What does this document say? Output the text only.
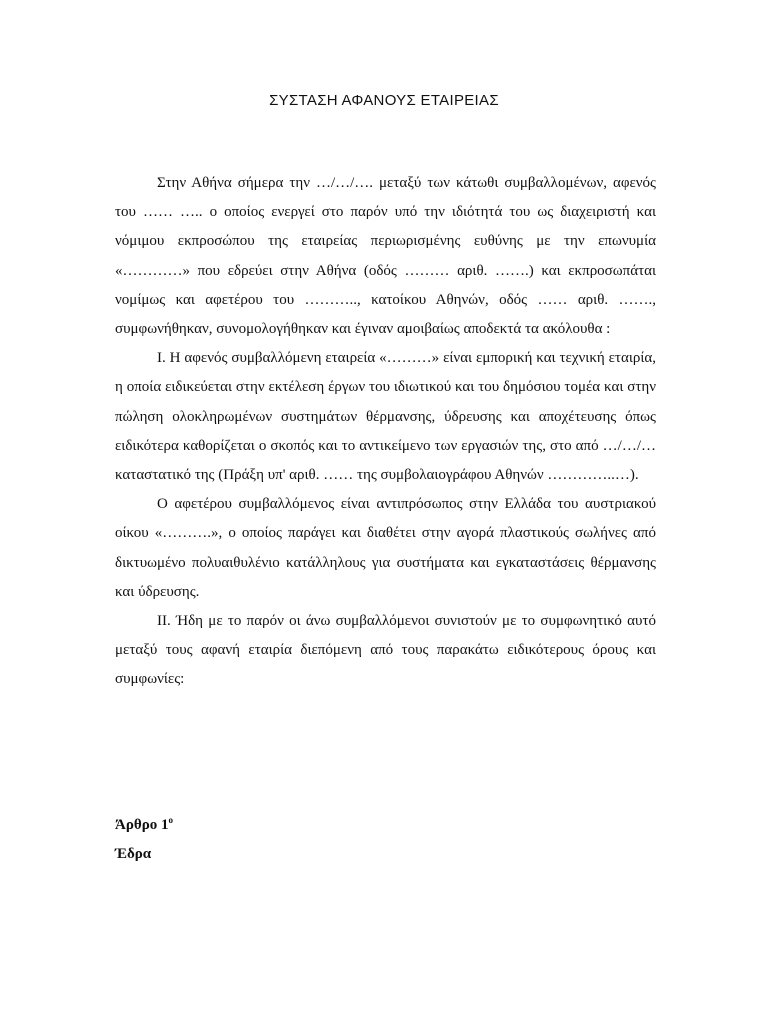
ΣΥΣΤΑΣΗ ΑΦΑΝΟΥΣ ΕΤΑΙΡΕΙΑΣ

Στην Αθήνα σήμερα την …/…/…. μεταξύ των κάτωθι συμβαλλομένων, αφενός του …… ….. ο οποίος ενεργεί στο παρόν υπό την ιδιότητά του ως διαχειριστή και νόμιμου εκπροσώπου της εταιρείας περιωρισμένης ευθύνης με την επωνυμία «…………» που εδρεύει στην Αθήνα (οδός ……… αριθ. …….) και εκπροσωπάται νομίμως και αφετέρου του ……….., κατοίκου Αθηνών, οδός …… αριθ. ……., συμφωνήθηκαν, συνομολογήθηκαν και έγιναν αμοιβαίως αποδεκτά τα ακόλουθα :

Ι. Η αφενός συμβαλλόμενη εταιρεία «………» είναι εμπορική και τεχνική εταιρία, η οποία ειδικεύεται στην εκτέλεση έργων του ιδιωτικού και του δημόσιου τομέα και στην πώληση ολοκληρωμένων συστημάτων θέρμανσης, ύδρευσης και αποχέτευσης όπως ειδικότερα καθορίζεται ο σκοπός και το αντικείμενο των εργασιών της, στο από …/…/… καταστατικό της (Πράξη υπ' αριθ. …… της συμβολαιογράφου Αθηνών …………..…).

Ο αφετέρου συμβαλλόμενος είναι αντιπρόσωπος στην Ελλάδα του αυστριακού οίκου «……….», ο οποίος παράγει και διαθέτει στην αγορά πλαστικούς σωλήνες από δικτυωμένο πολυαιθυλένιο κατάλληλους για συστήματα και εγκαταστάσεις θέρμανσης και ύδρευσης.

ΙΙ. Ήδη με το παρόν οι άνω συμβαλλόμενοι συνιστούν με το συμφωνητικό αυτό μεταξύ τους αφανή εταιρία διεπόμενη από τους παρακάτω ειδικότερους όρους και συμφωνίες:

Άρθρο $1^o$
Έδρα
